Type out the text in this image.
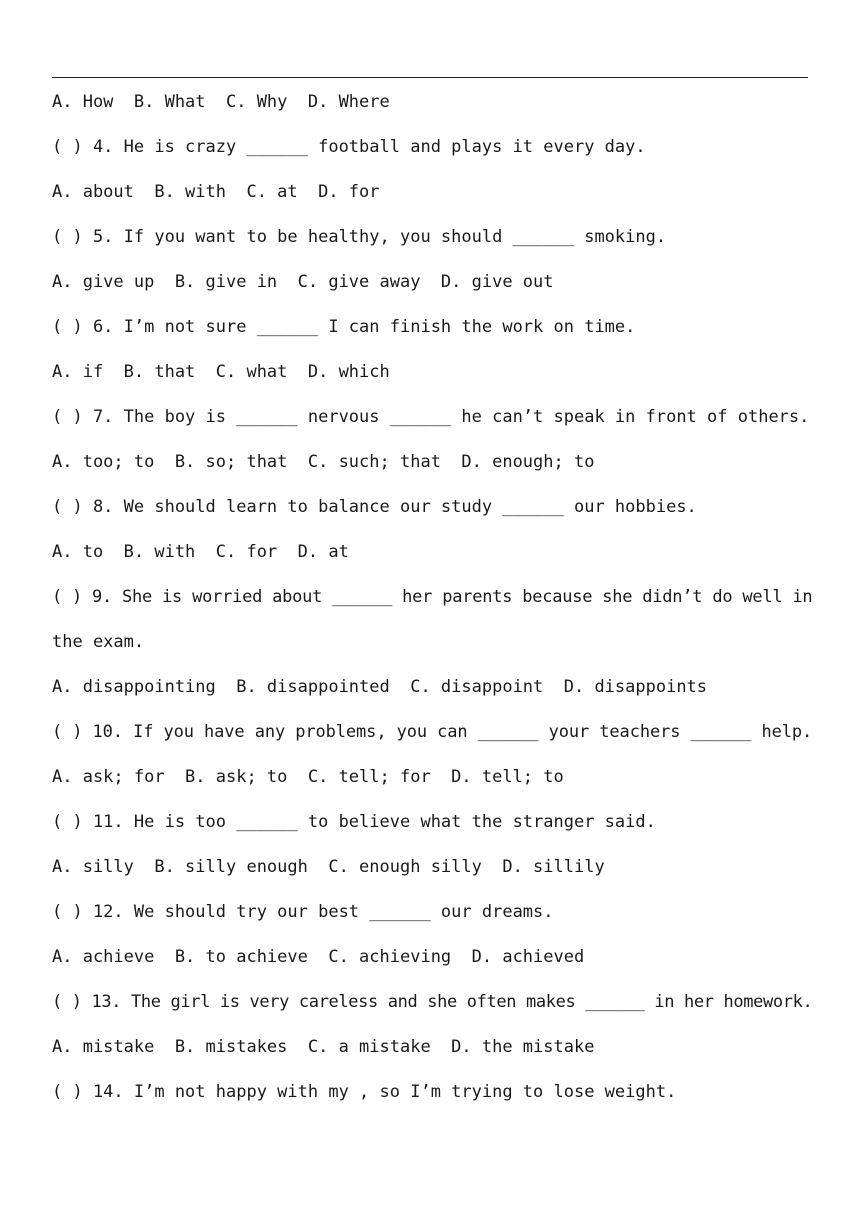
A. How  B. What  C. Why  D. Where
( ) 4. He is crazy ______ football and plays it every day.
A. about  B. with  C. at  D. for
( ) 5. If you want to be healthy, you should ______ smoking.
A. give up  B. give in  C. give away  D. give out
( ) 6. I’m not sure ______ I can finish the work on time.
A. if  B. that  C. what  D. which
( ) 7. The boy is ______ nervous ______ he can’t speak in front of others.
A. too; to  B. so; that  C. such; that  D. enough; to
( ) 8. We should learn to balance our study ______ our hobbies.
A. to  B. with  C. for  D. at
( ) 9. She is worried about ______ her parents because she didn’t do well in
the exam.
A. disappointing  B. disappointed  C. disappoint  D. disappoints
( ) 10. If you have any problems, you can ______ your teachers ______ help.
A. ask; for  B. ask; to  C. tell; for  D. tell; to
( ) 11. He is too ______ to believe what the stranger said.
A. silly  B. silly enough  C. enough silly  D. sillily
( ) 12. We should try our best ______ our dreams.
A. achieve  B. to achieve  C. achieving  D. achieved
( ) 13. The girl is very careless and she often makes ______ in her homework.
A. mistake  B. mistakes  C. a mistake  D. the mistake
( ) 14. I’m not happy with my , so I’m trying to lose weight.
